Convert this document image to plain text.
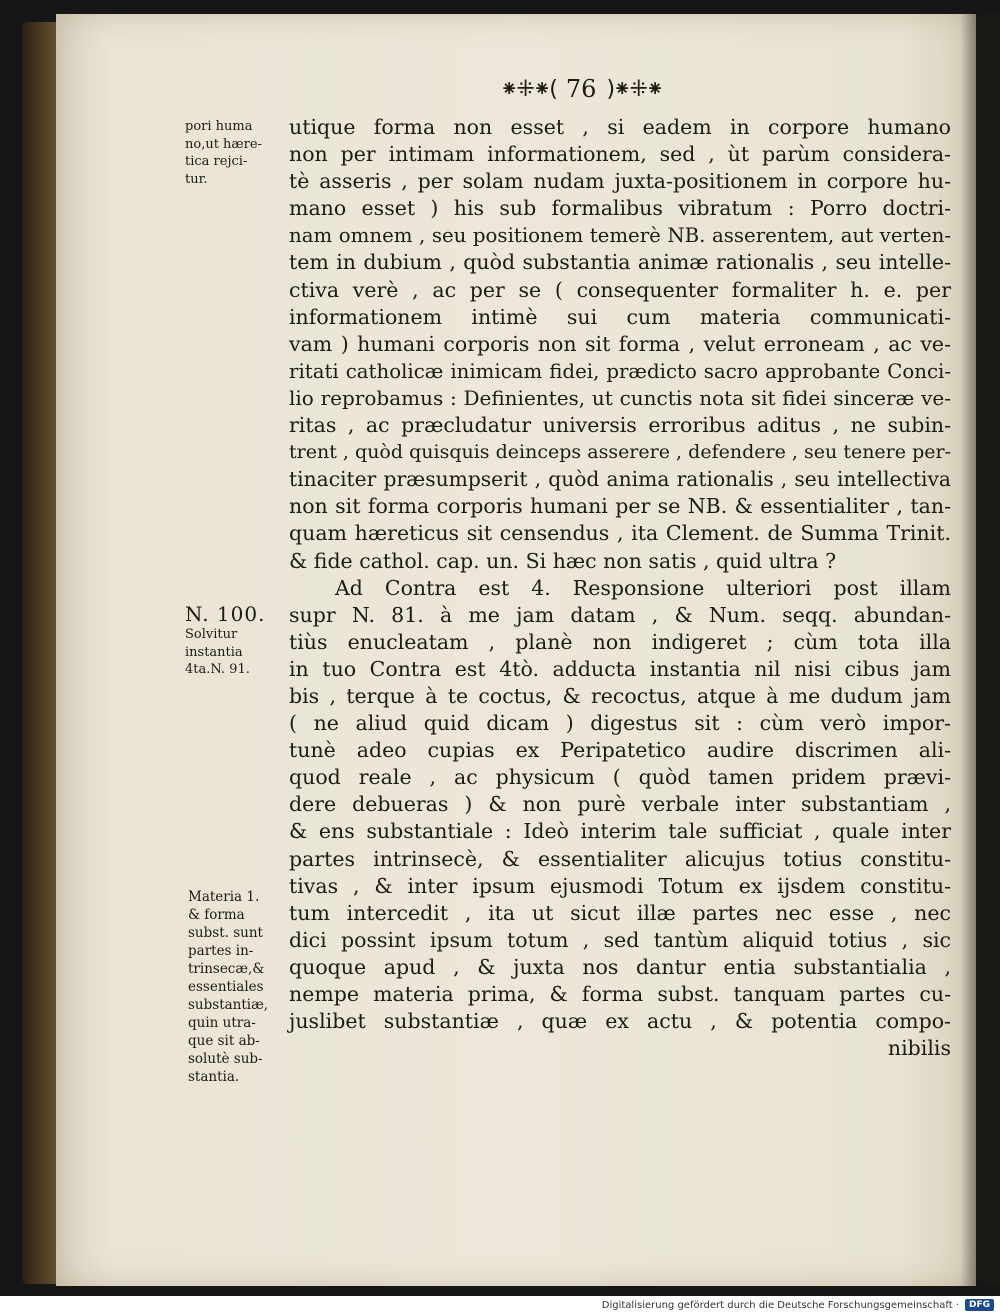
⁕⁜⁕( 76 )⁕⁜⁕
pori huma
no,ut hære-
tica rejci-
tur.
N. 100.
Solvitur
instantia
4ta.N. 91.
Materia 1.
& forma
subst. sunt
partes in-
trinsecæ,&
essentiales
substantiæ,
quin utra-
que sit ab-
solutè sub-
stantia.
utique forma non esset , si eadem in corpore humano
non per intimam informationem, sed , ùt parùm considera-
tè asseris , per solam nudam juxta-positionem in corpore hu-
mano esset ) his sub formalibus vibratum : Porro doctri-
nam omnem , seu positionem temerè NB. asserentem, aut verten-
tem in dubium , quòd substantia animæ rationalis , seu intelle-
ctiva verè , ac per se ( consequenter formaliter h. e. per
informationem intimè sui cum materia communicati-
vam ) humani corporis non sit forma , velut erroneam , ac ve-
ritati catholicæ inimicam fidei, prædicto sacro approbante Conci-
lio reprobamus : Definientes, ut cunctis nota sit fidei sinceræ ve-
ritas , ac præcludatur universis erroribus aditus , ne subin-
trent , quòd quisquis deinceps asserere , defendere , seu tenere per-
tinaciter præsumpserit , quòd anima rationalis , seu intellectiva
non sit forma corporis humani per se NB. & essentialiter , tan-
quam hæreticus sit censendus , ita Clement. de Summa Trinit.
& fide cathol. cap. un. Si hæc non satis , quid ultra ?
Ad Contra est 4. Responsione ulteriori post illam
supr N. 81. à me jam datam , & Num. seqq. abundan-
tiùs enucleatam , planè non indigeret ; cùm tota illa
in tuo Contra est 4tò. adducta instantia nil nisi cibus jam
bis , terque à te coctus, & recoctus, atque à me dudum jam
( ne aliud quid dicam ) digestus sit : cùm verò impor-
tunè adeo cupias ex Peripatetico audire discrimen ali-
quod reale , ac physicum ( quòd tamen pridem prævi-
dere debueras ) & non purè verbale inter substantiam ,
& ens substantiale : Ideò interim tale sufficiat , quale inter
partes intrinsecè, & essentialiter alicujus totius constitu-
tivas , & inter ipsum ejusmodi Totum ex ijsdem constitu-
tum intercedit , ita ut sicut illæ partes nec esse , nec
dici possint ipsum totum , sed tantùm aliquid totius , sic
quoque apud , & juxta nos dantur entia substantialia ,
nempe materia prima, & forma subst. tanquam partes cu-
juslibet substantiæ , quæ ex actu , & potentia compo-
nibilis
Digitalisierung gefördert durch die Deutsche Forschungsgemeinschaft ·	DFG
